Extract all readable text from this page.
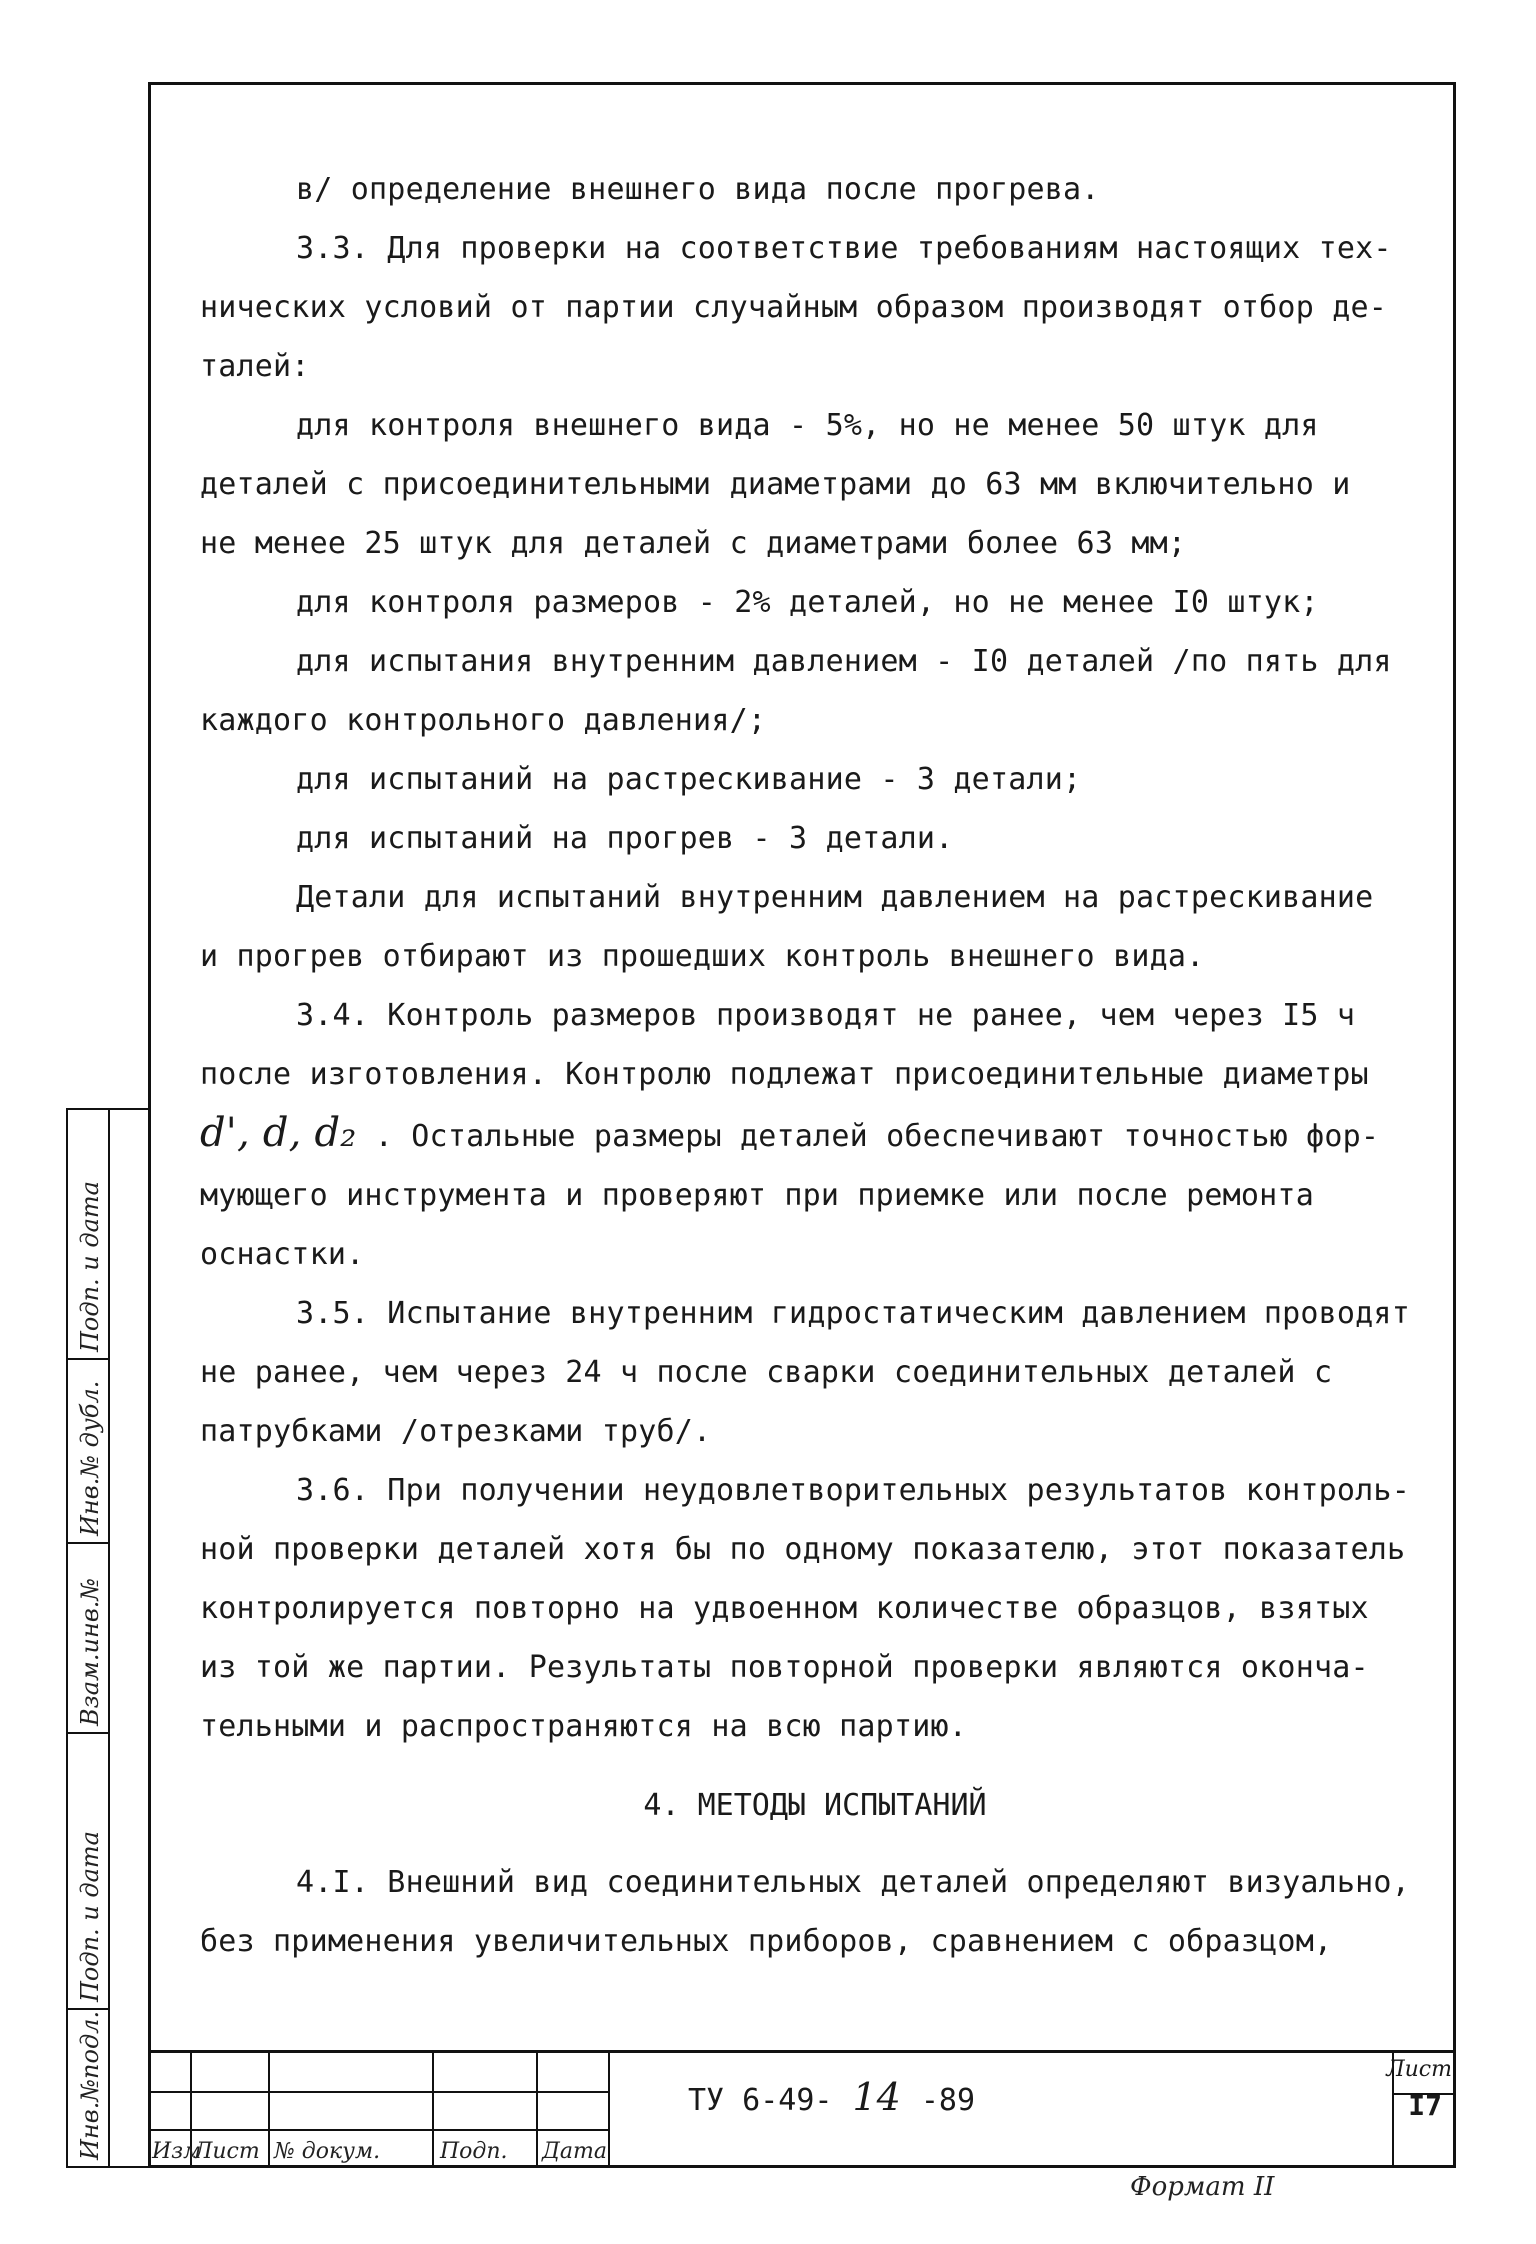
Подп. и дата
Инв.№ дубл.
Взам.инв.№
Подп. и дата
Инв.№подл.

в/ определение внешнего вида после прогрева.

3.3. Для проверки на соответствие требованиям настоящих тех-

нических условий от партии случайным образом производят отбор де-

талей:

для контроля внешнего вида - 5%, но не менее 50 штук для

деталей с присоединительными диаметрами до 63 мм включительно и

не менее 25 штук для деталей с диаметрами более 63 мм;

для контроля размеров - 2% деталей, но не менее I0 штук;

для испытания внутренним давлением - I0 деталей /по пять для

каждого контрольного давления/;

для испытаний на растрескивание - 3 детали;

для испытаний на прогрев - 3 детали.

Детали для испытаний внутренним давлением на растрескивание

и прогрев отбирают из прошедших контроль внешнего вида.

3.4. Контроль размеров производят не ранее, чем через I5 ч

после изготовления. Контролю подлежат присоединительные диаметры

d', d, d₂ . Остальные размеры деталей обеспечивают точностью фор-

мующего инструмента и проверяют при приемке или после ремонта

оснастки.

3.5. Испытание внутренним гидростатическим давлением проводят

не ранее, чем через 24 ч после сварки соединительных деталей с

патрубками /отрезками труб/.

3.6. При получении неудовлетворительных результатов контроль-

ной проверки деталей хотя бы по одному показателю, этот показатель

контролируется повторно на удвоенном количестве образцов, взятых

из той же партии. Результаты повторной проверки являются оконча-

тельными и распространяются на всю партию.

4. МЕТОДЫ ИСПЫТАНИЙ

4.I. Внешний вид соединительных деталей определяют визуально,

без применения увеличительных приборов, сравнением с образцом,

Изм
Лист № докум.	Подп. Дата
ТУ 6-49- 14 -89
Лист
I7
Формат II
